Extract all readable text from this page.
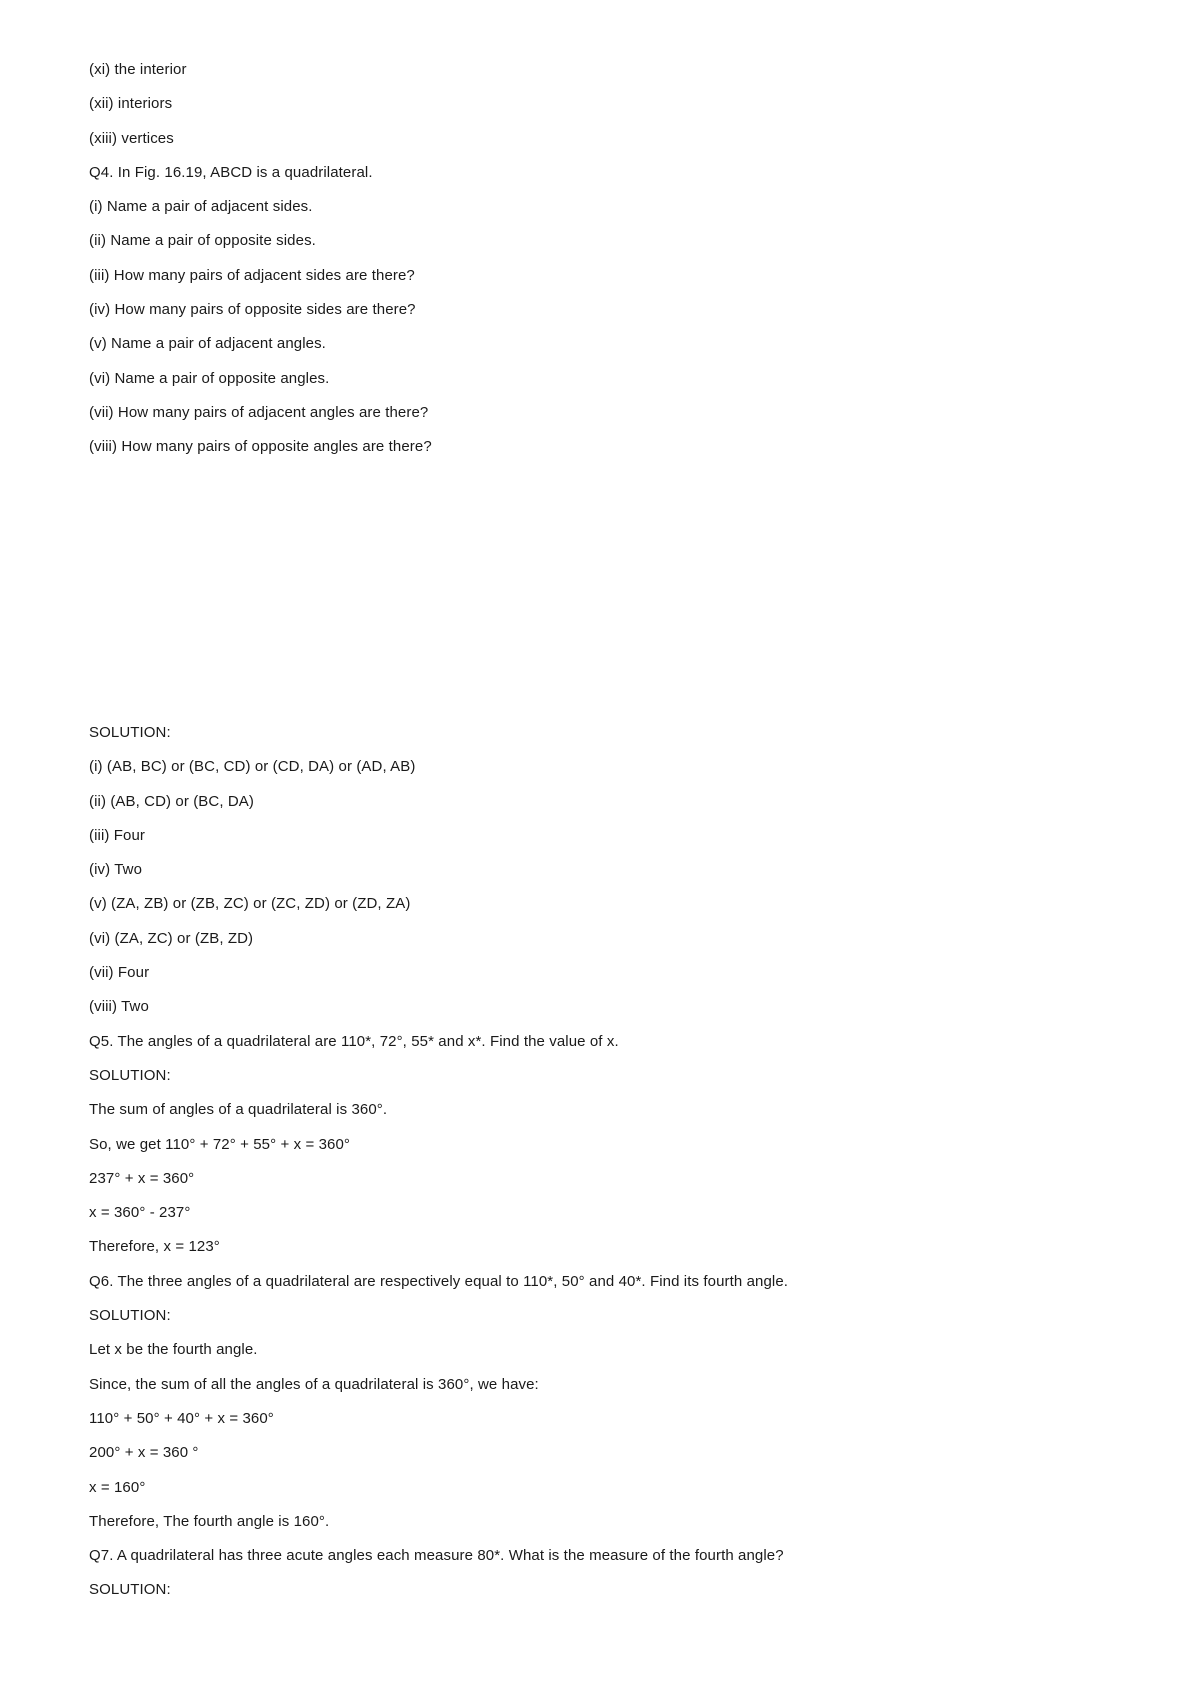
(xi) the interior
(xii) interiors
(xiii) vertices
Q4. In Fig. 16.19, ABCD is a quadrilateral.
(i) Name a pair of adjacent sides.
(ii) Name a pair of opposite sides.
(iii) How many pairs of adjacent sides are there?
(iv) How many pairs of opposite sides are there?
(v) Name a pair of adjacent angles.
(vi) Name a pair of opposite angles.
(vii) How many pairs of adjacent angles are there?
(viii) How many pairs of opposite angles are there?
SOLUTION:
(i) (AB, BC) or (BC, CD) or (CD, DA) or (AD, AB)
(ii) (AB, CD) or (BC, DA)
(iii) Four
(iv) Two
(v) (ZA, ZB) or (ZB, ZC) or (ZC, ZD) or (ZD, ZA)
(vi) (ZA, ZC) or (ZB, ZD)
(vii) Four
(viii) Two
Q5. The angles of a quadrilateral are 110*, 72°, 55* and x*. Find the value of x.
SOLUTION:
The sum of angles of a quadrilateral is 360°.
So, we get 110° + 72° + 55° + x = 360°
237° + x = 360°
x = 360° - 237°
Therefore, x = 123°
Q6. The three angles of a quadrilateral are respectively equal to 110*, 50° and 40*. Find its fourth angle.
SOLUTION:
Let x be the fourth angle.
Since, the sum of all the angles of a quadrilateral is 360°, we have:
110° + 50° + 40° + x = 360°
200° + x = 360 °
x = 160°
Therefore, The fourth angle is 160°.
Q7. A quadrilateral has three acute angles each measure 80*. What is the measure of the fourth angle?
SOLUTION:
